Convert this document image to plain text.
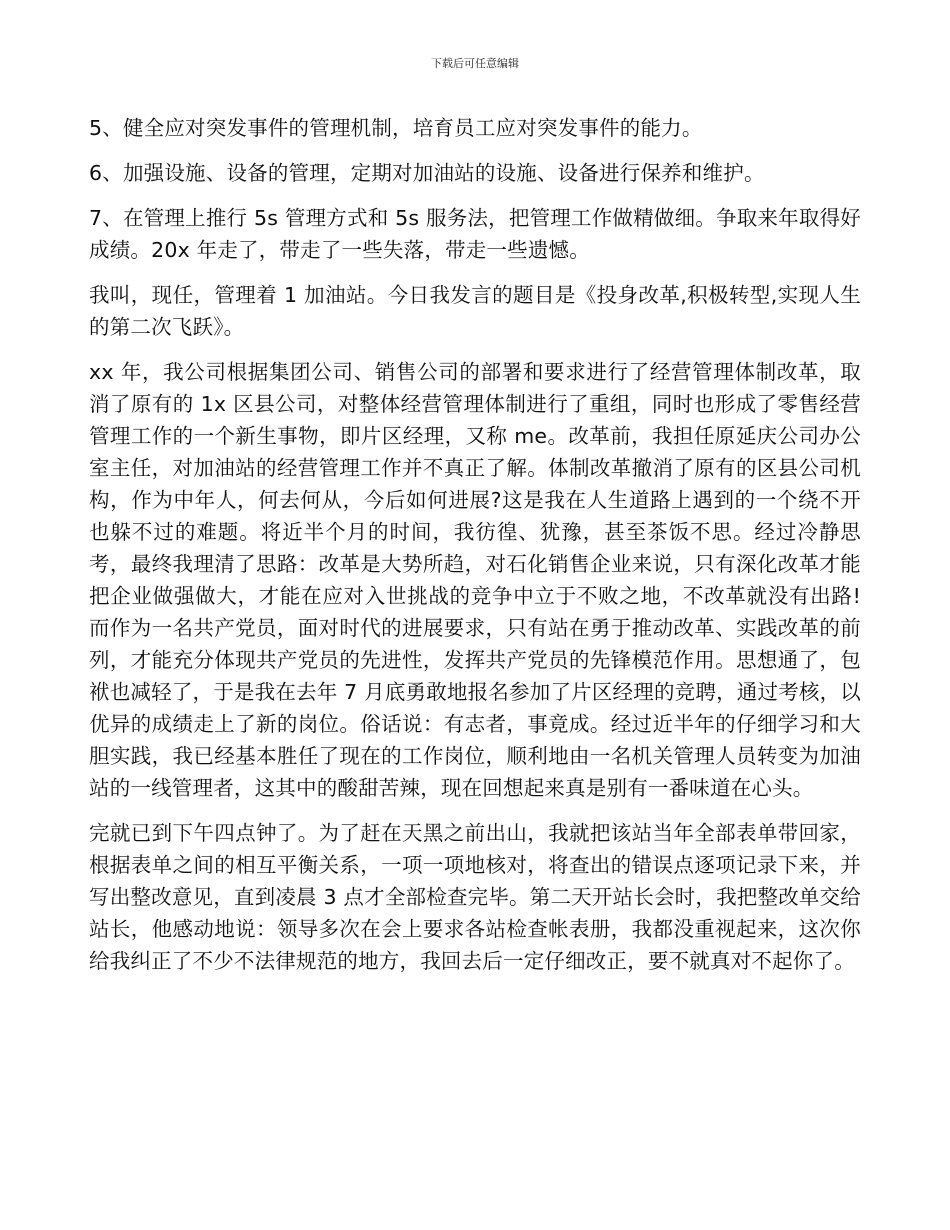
下载后可任意编辑

5、健全应对突发事件的管理机制，培育员工应对突发事件的能力。

6、加强设施、设备的管理，定期对加油站的设施、设备进行保养和维护。

7、在管理上推行 5s 管理方式和 5s 服务法，把管理工作做精做细。争取来年取得好成绩。20x 年走了，带走了一些失落，带走一些遗憾。

我叫，现任，管理着 1 加油站。今日我发言的题目是《投身改革,积极转型,实现人生的第二次飞跃》。

xx 年，我公司根据集团公司、销售公司的部署和要求进行了经营管理体制改革，取消了原有的 1x 区县公司，对整体经营管理体制进行了重组，同时也形成了零售经营管理工作的一个新生事物，即片区经理，又称 me。改革前，我担任原延庆公司办公室主任，对加油站的经营管理工作并不真正了解。体制改革撤消了原有的区县公司机构，作为中年人，何去何从，今后如何进展?这是我在人生道路上遇到的一个绕不开也躲不过的难题。将近半个月的时间，我彷徨、犹豫，甚至茶饭不思。经过冷静思考，最终我理清了思路：改革是大势所趋，对石化销售企业来说，只有深化改革才能把企业做强做大，才能在应对入世挑战的竞争中立于不败之地，不改革就没有出路!而作为一名共产党员，面对时代的进展要求，只有站在勇于推动改革、实践改革的前列，才能充分体现共产党员的先进性，发挥共产党员的先锋模范作用。思想通了，包袱也减轻了，于是我在去年 7 月底勇敢地报名参加了片区经理的竞聘，通过考核，以优异的成绩走上了新的岗位。俗话说：有志者，事竟成。经过近半年的仔细学习和大胆实践，我已经基本胜任了现在的工作岗位，顺利地由一名机关管理人员转变为加油站的一线管理者，这其中的酸甜苦辣，现在回想起来真是别有一番味道在心头。

完就已到下午四点钟了。为了赶在天黑之前出山，我就把该站当年全部表单带回家，根据表单之间的相互平衡关系，一项一项地核对，将查出的错误点逐项记录下来，并写出整改意见，直到凌晨 3 点才全部检查完毕。第二天开站长会时，我把整改单交给站长，他感动地说：领导多次在会上要求各站检查帐表册，我都没重视起来，这次你给我纠正了不少不法律规范的地方，我回去后一定仔细改正，要不就真对不起你了。
